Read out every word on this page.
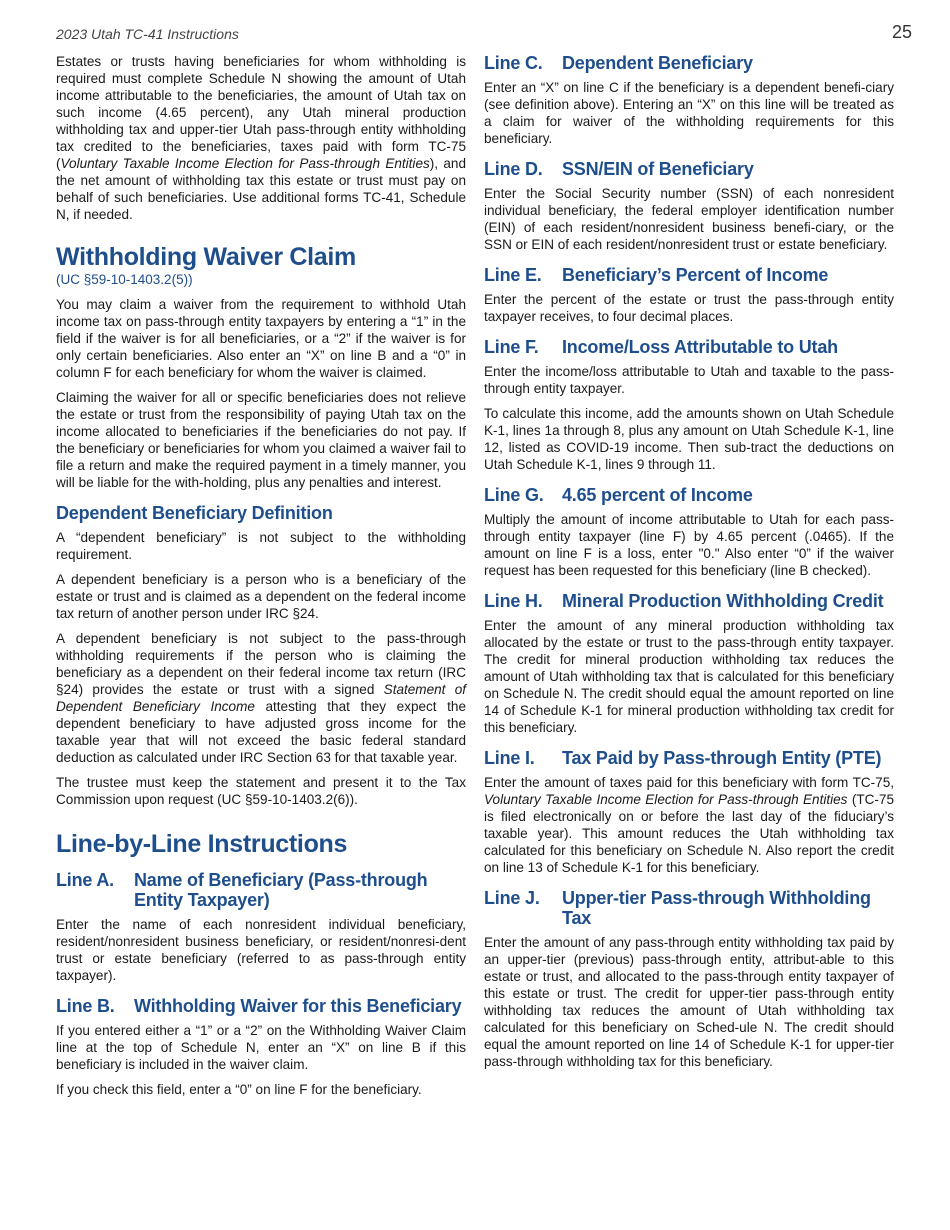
2023 Utah TC-41 Instructions	25

Estates or trusts having beneficiaries for whom withholding is required must complete Schedule N showing the amount of Utah income attributable to the beneficiaries, the amount of Utah tax on such income (4.65 percent), any Utah mineral production withholding tax and upper-tier Utah pass-through entity withholding tax credited to the beneficiaries, taxes paid with form TC-75 (Voluntary Taxable Income Election for Pass-through Entities), and the net amount of withholding tax this estate or trust must pay on behalf of such beneficiaries. Use additional forms TC-41, Schedule N, if needed.

Withholding Waiver Claim
(UC §59-10-1403.2(5))

You may claim a waiver from the requirement to withhold Utah income tax on pass-through entity taxpayers by entering a “1” in the field if the waiver is for all beneficiaries, or a “2” if the waiver is for only certain beneficiaries. Also enter an “X” on line B and a “0” in column F for each beneficiary for whom the waiver is claimed.

Claiming the waiver for all or specific beneficiaries does not relieve the estate or trust from the responsibility of paying Utah tax on the income allocated to beneficiaries if the beneficiaries do not pay. If the beneficiary or beneficiaries for whom you claimed a waiver fail to file a return and make the required payment in a timely manner, you will be liable for the with-holding, plus any penalties and interest.

Dependent Beneficiary Definition

A “dependent beneficiary” is not subject to the withholding requirement.

A dependent beneficiary is a person who is a beneficiary of the estate or trust and is claimed as a dependent on the federal income tax return of another person under IRC §24.

A dependent beneficiary is not subject to the pass-through withholding requirements if the person who is claiming the beneficiary as a dependent on their federal income tax return (IRC §24) provides the estate or trust with a signed Statement of Dependent Beneficiary Income attesting that they expect the dependent beneficiary to have adjusted gross income for the taxable year that will not exceed the basic federal standard deduction as calculated under IRC Section 63 for that taxable year.

The trustee must keep the statement and present it to the Tax Commission upon request (UC §59-10-1403.2(6)).

Line-by-Line Instructions
Line A.	Name of Beneficiary (Pass-through Entity Taxpayer)

Enter the name of each nonresident individual beneficiary, resident/nonresident business beneficiary, or resident/nonresi-dent trust or estate beneficiary (referred to as pass-through entity taxpayer).

Line B.	Withholding Waiver for this Beneficiary

If you entered either a “1” or a “2” on the Withholding Waiver Claim line at the top of Schedule N, enter an “X” on line B if this beneficiary is included in the waiver claim.

If you check this field, enter a “0” on line F for the beneficiary.

Line C.	Dependent Beneficiary

Enter an “X” on line C if the beneficiary is a dependent benefi-ciary (see definition above). Entering an “X” on this line will be treated as a claim for waiver of the withholding requirements for this beneficiary.

Line D.	SSN/EIN of Beneficiary

Enter the Social Security number (SSN) of each nonresident individual beneficiary, the federal employer identification number (EIN) of each resident/nonresident business benefi-ciary, or the SSN or EIN of each resident/nonresident trust or estate beneficiary.

Line E.	Beneficiary’s Percent of Income

Enter the percent of the estate or trust the pass-through entity taxpayer receives, to four decimal places.

Line F.	Income/Loss Attributable to Utah

Enter the income/loss attributable to Utah and taxable to the pass-through entity taxpayer.

To calculate this income, add the amounts shown on Utah Schedule K-1, lines 1a through 8, plus any amount on Utah Schedule K-1, line 12, listed as COVID-19 income. Then sub-tract the deductions on Utah Schedule K-1, lines 9 through 11.

Line G.	4.65 percent of Income

Multiply the amount of income attributable to Utah for each pass-through entity taxpayer (line F) by 4.65 percent (.0465). If the amount on line F is a loss, enter "0." Also enter “0” if the waiver request has been requested for this beneficiary (line B checked).

Line H.	Mineral Production Withholding Credit

Enter the amount of any mineral production withholding tax allocated by the estate or trust to the pass-through entity taxpayer. The credit for mineral production withholding tax reduces the amount of Utah withholding tax that is calculated for this beneficiary on Schedule N. The credit should equal the amount reported on line 14 of Schedule K-1 for mineral production withholding tax credit for this beneficiary.

Line I.	Tax Paid by Pass-through Entity (PTE)

Enter the amount of taxes paid for this beneficiary with form TC-75, Voluntary Taxable Income Election for Pass-through Entities (TC-75 is filed electronically on or before the last day of the fiduciary’s taxable year). This amount reduces the Utah withholding tax calculated for this beneficiary on Schedule N. Also report the credit on line 13 of Schedule K-1 for this beneficiary.

Line J.	Upper-tier Pass-through Withholding Tax

Enter the amount of any pass-through entity withholding tax paid by an upper-tier (previous) pass-through entity, attribut-able to this estate or trust, and allocated to the pass-through entity taxpayer of this estate or trust. The credit for upper-tier pass-through entity withholding tax reduces the amount of Utah withholding tax calculated for this beneficiary on Sched-ule N. The credit should equal the amount reported on line 14 of Schedule K-1 for upper-tier pass-through withholding tax for this beneficiary.
